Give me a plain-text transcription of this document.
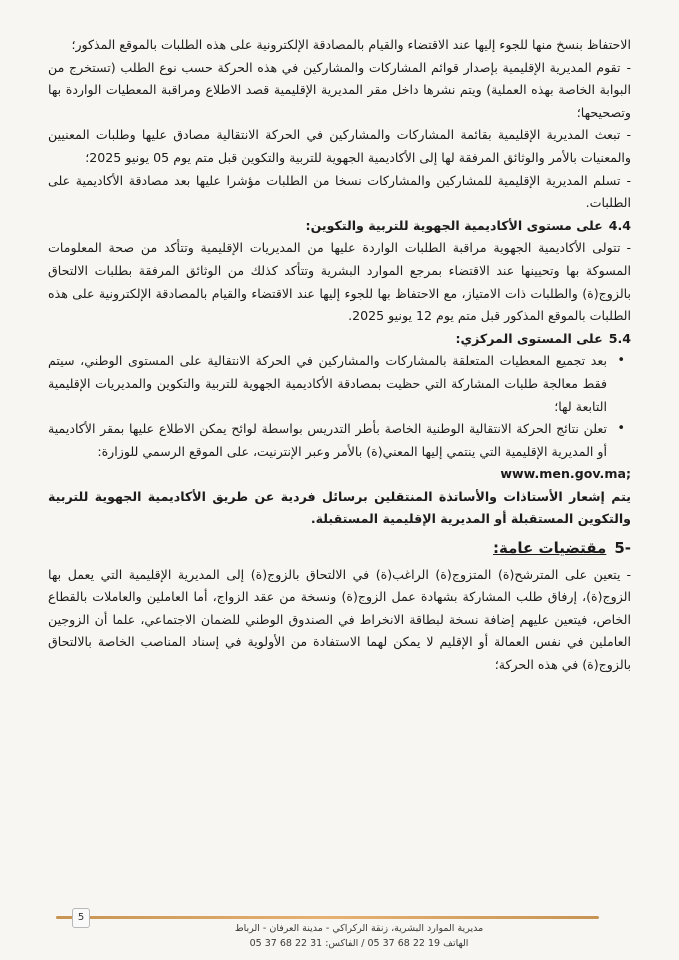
الاحتفاظ بنسخ منها للجوء إليها عند الاقتضاء والقيام بالمصادقة الإلكترونية على هذه الطلبات بالموقع المذكور؛

-تقوم المديرية الإقليمية بإصدار قوائم المشاركات والمشاركين في هذه الحركة حسب نوع الطلب (تستخرج من البوابة الخاصة بهذه العملية) ويتم نشرها داخل مقر المديرية الإقليمية قصد الاطلاع ومراقبة المعطيات الواردة بها وتصحيحها؛

-تبعث المديرية الإقليمية بقائمة المشاركات والمشاركين في الحركة الانتقالية مصادق عليها وطلبات المعنيين والمعنيات بالأمر والوثائق المرفقة لها إلى الأكاديمية الجهوية للتربية والتكوين قبل متم يوم 05 يونيو 2025؛

-تسلم المديرية الإقليمية للمشاركين والمشاركات نسخا من الطلبات مؤشرا عليها بعد مصادقة الأكاديمية على الطلبات.

4.4على مستوى الأكاديمية الجهوية للتربية والتكوين:

-تتولى الأكاديمية الجهوية مراقبة الطلبات الواردة عليها من المديريات الإقليمية وتتأكد من صحة المعلومات المسوكة بها وتحيينها عند الاقتضاء بمرجع الموارد البشرية وتتأكد كذلك من الوثائق المرفقة بطلبات الالتحاق بالزوج(ة) والطلبات ذات الامتياز، مع الاحتفاظ بها للجوء إليها عند الاقتضاء والقيام بالمصادقة الإلكترونية على هذه الطلبات بالموقع المذكور قبل متم يوم 12 يونيو 2025.

5.4على المستوى المركزي:

• بعد تجميع المعطيات المتعلقة بالمشاركات والمشاركين في الحركة الانتقالية على المستوى الوطني، سيتم فقط معالجة طلبات المشاركة التي حظيت بمصادقة الأكاديمية الجهوية للتربية والتكوين والمديريات الإقليمية التابعة لها؛
• تعلن نتائج الحركة الانتقالية الوطنية الخاصة بأطر التدريس بواسطة لوائح يمكن الاطلاع عليها بمقر الأكاديمية أو المديرية الإقليمية التي ينتمي إليها المعني(ة) بالأمر وعبر الإنترنيت، على الموقع الرسمي للوزارة:

www.men.gov.ma;

يتم إشعار الأستاذات والأساتذة المنتقلين برسائل فردية عن طريق الأكاديمية الجهوية للتربية والتكوين المستقبلة أو المديرية الإقليمية المستقبلة.

-5مقتضيات عامة:

-يتعين على المترشح(ة) المتزوج(ة) الراغب(ة) في الالتحاق بالزوج(ة) إلى المديرية الإقليمية التي يعمل بها الزوج(ة)، إرفاق طلب المشاركة بشهادة عمل الزوج(ة) ونسخة من عقد الزواج، أما العاملين والعاملات بالقطاع الخاص، فيتعين عليهم إضافة نسخة لبطاقة الانخراط في الصندوق الوطني للضمان الاجتماعي، علما أن الزوجين العاملين في نفس العمالة أو الإقليم لا يمكن لهما الاستفادة من الأولوية في إسناد المناصب الخاصة بالالتحاق بالزوج(ة) في هذه الحركة؛

مديرية الموارد البشرية، زنقة الركراكي - مدينة العرفان - الرباط
الهاتف 19 22 68 37 05 / الفاكس: 31 22 68 37 05
5
